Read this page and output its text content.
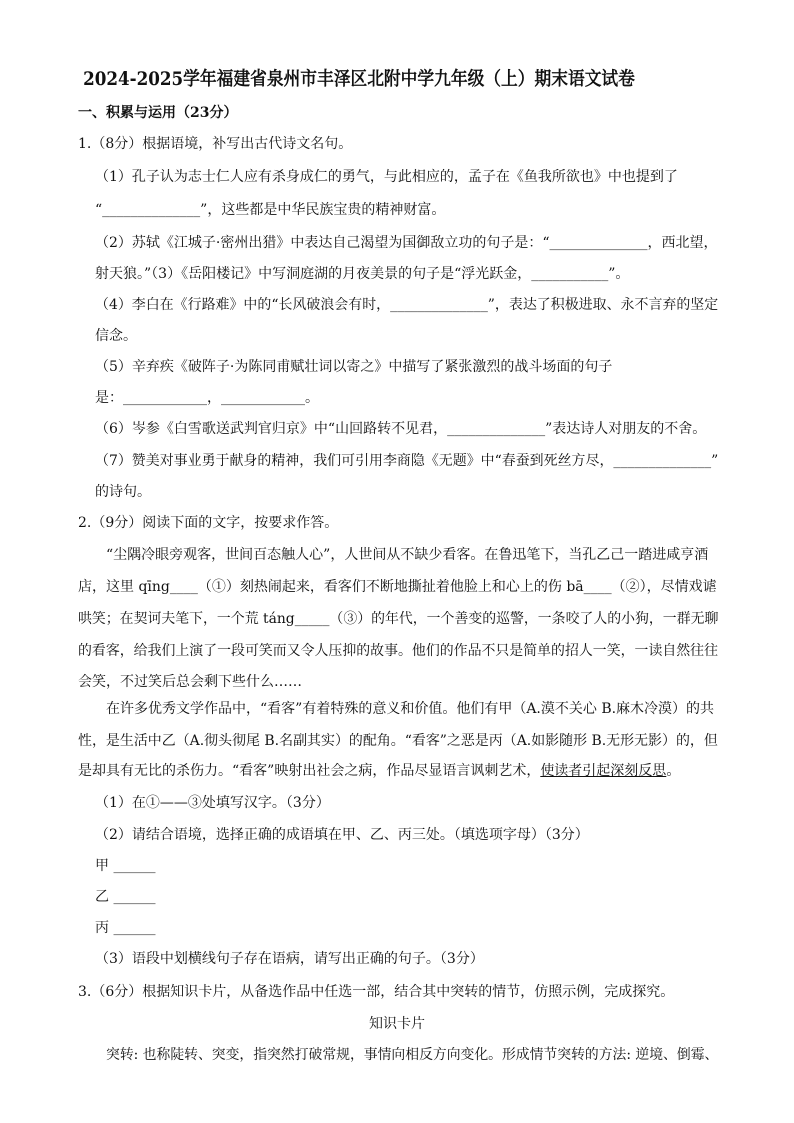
2024-2025学年福建省泉州市丰泽区北附中学九年级（上）期末语文试卷
一、积累与运用（23分）
1.（8分）根据语境，补写出古代诗文名句。
（1）孔子认为志士仁人应有杀身成仁的勇气，与此相应的，孟子在《鱼我所欲也》中也提到了
“______________”，这些都是中华民族宝贵的精神财富。
（2）苏轼《江城子·密州出猎》中表达自己渴望为国御敌立功的句子是：“______________，西北望，
射天狼。”（3）《岳阳楼记》中写洞庭湖的月夜美景的句子是“浮光跃金，___________”。
（4）李白在《行路难》中的“长风破浪会有时，______________”，表达了积极进取、永不言弃的坚定
信念。
（5）辛弃疾《破阵子·为陈同甫赋壮词以寄之》中描写了紧张激烈的战斗场面的句子
是：____________，____________。
（6）岑参《白雪歌送武判官归京》中“山回路转不见君，______________”表达诗人对朋友的不舍。
（7）赞美对事业勇于献身的精神，我们可引用李商隐《无题》中“春蚕到死丝方尽，______________”
的诗句。
2.（9分）阅读下面的文字，按要求作答。
“尘隅冷眼旁观客，世间百态触人心”，人世间从不缺少看客。在鲁迅笔下，当孔乙己一踏进咸亨酒
店，这里 qīng____（①）刻热闹起来，看客们不断地撕扯着他脸上和心上的伤 bā____（②），尽情戏谑
哄笑；在契诃夫笔下，一个荒 táng_____（③）的年代，一个善变的巡警，一条咬了人的小狗，一群无聊
的看客，给我们上演了一段可笑而又令人压抑的故事。他们的作品不只是简单的招人一笑，一读自然往往
会笑，不过笑后总会剩下些什么……
在许多优秀文学作品中，“看客”有着特殊的意义和价值。他们有甲（A.漠不关心 B.麻木冷漠）的共
性，是生活中乙（A.彻头彻尾 B.名副其实）的配角。“看客”之恶是丙（A.如影随形 B.无形无影）的，但
是却具有无比的杀伤力。“看客”映射出社会之病，作品尽显语言讽刺艺术，使读者引起深刻反思。
（1）在①——③处填写汉字。（3分）
（2）请结合语境，选择正确的成语填在甲、乙、丙三处。（填选项字母）（3分）
甲 ______
乙 ______
丙 ______
（3）语段中划横线句子存在语病，请写出正确的句子。（3分）
3.（6分）根据知识卡片，从备选作品中任选一部，结合其中突转的情节，仿照示例，完成探究。
知识卡片
突转: 也称陡转、突变，指突然打破常规，事情向相反方向变化。形成情节突转的方法: 逆境、倒霉、
